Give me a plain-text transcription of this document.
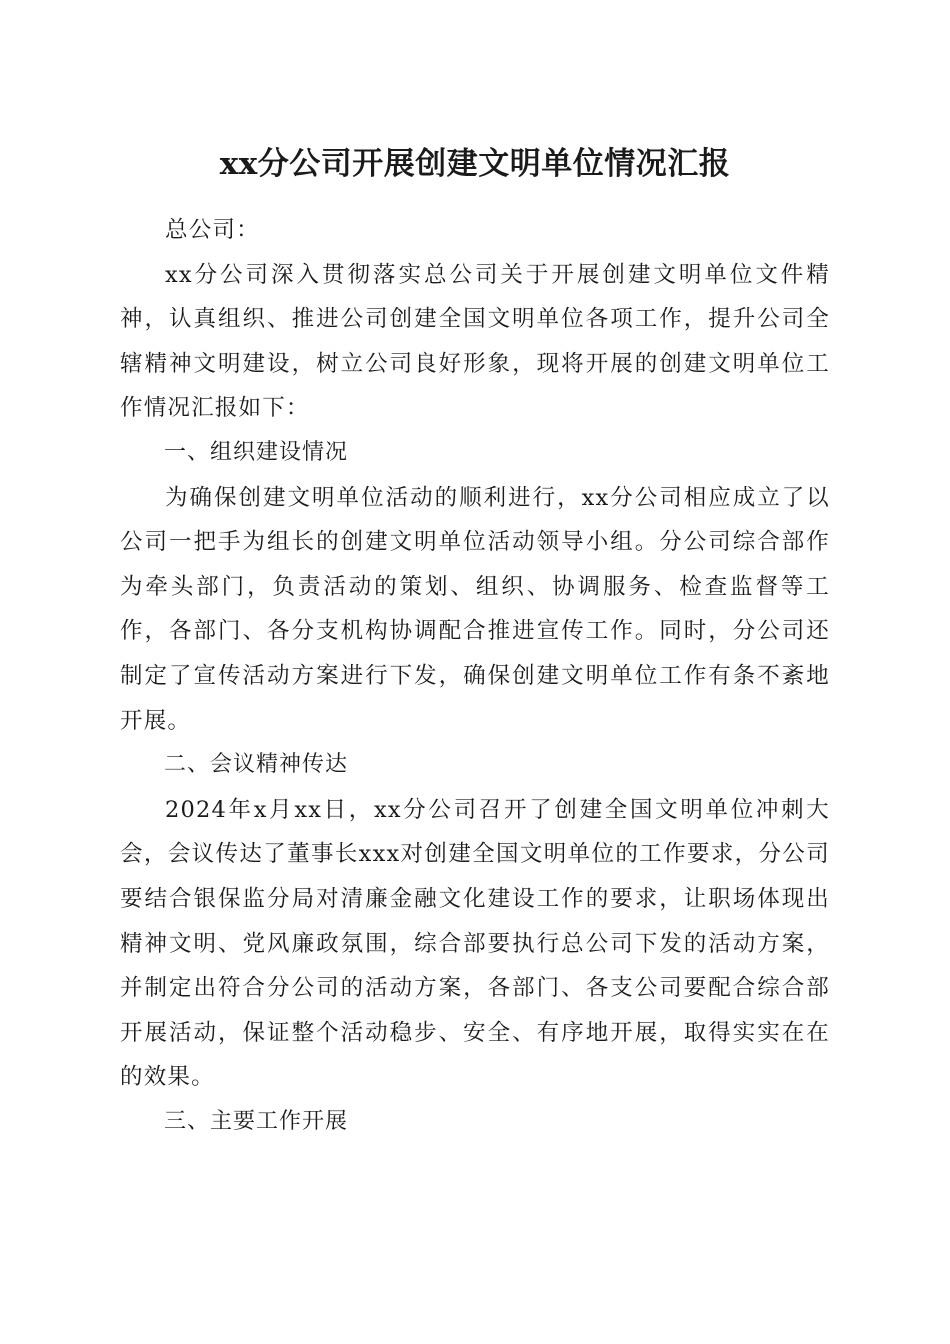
xx分公司开展创建文明单位情况汇报

总公司：

xx分公司深入贯彻落实总公司关于开展创建文明单位文件精神，认真组织、推进公司创建全国文明单位各项工作，提升公司全辖精神文明建设，树立公司良好形象，现将开展的创建文明单位工作情况汇报如下：

一、组织建设情况

为确保创建文明单位活动的顺利进行，xx分公司相应成立了以公司一把手为组长的创建文明单位活动领导小组。分公司综合部作为牵头部门，负责活动的策划、组织、协调服务、检查监督等工作，各部门、各分支机构协调配合推进宣传工作。同时，分公司还制定了宣传活动方案进行下发，确保创建文明单位工作有条不紊地开展。

二、会议精神传达

2024年x月xx日，xx分公司召开了创建全国文明单位冲刺大会，会议传达了董事长xxx对创建全国文明单位的工作要求，分公司要结合银保监分局对清廉金融文化建设工作的要求，让职场体现出精神文明、党风廉政氛围，综合部要执行总公司下发的活动方案，并制定出符合分公司的活动方案，各部门、各支公司要配合综合部开展活动，保证整个活动稳步、安全、有序地开展，取得实实在在的效果。

三、主要工作开展
